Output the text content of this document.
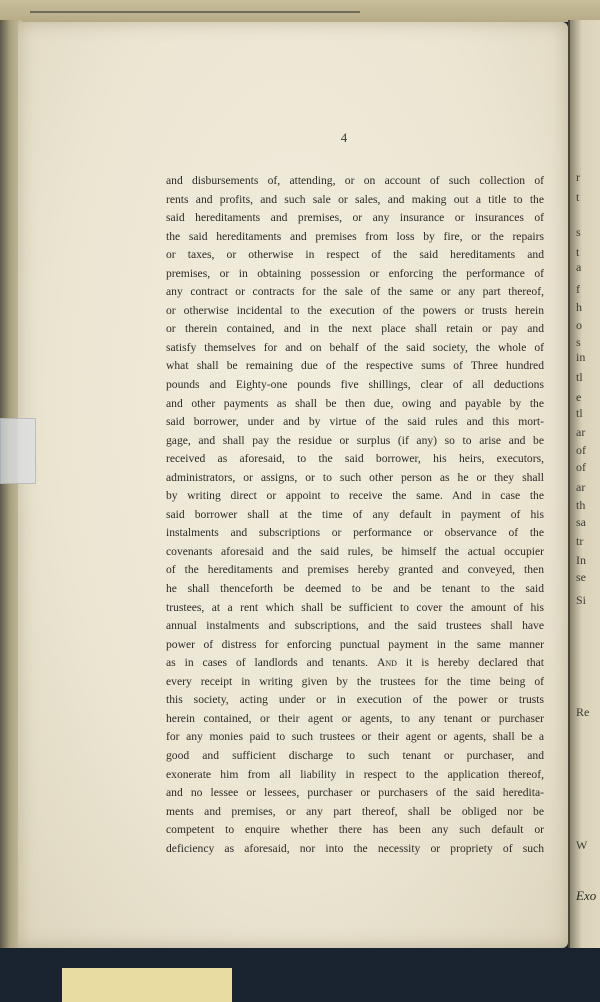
4
and disbursements of, attending, or on account of such collection of
rents and profits, and such sale or sales, and making out a title to the
said hereditaments and premises, or any insurance or insurances of
the said hereditaments and premises from loss by fire, or the repairs
or taxes, or otherwise in respect of the said hereditaments and
premises, or in obtaining possession or enforcing the performance of
any contract or contracts for the sale of the same or any part thereof,
or otherwise incidental to the execution of the powers or trusts herein
or therein contained, and in the next place shall retain or pay and
satisfy themselves for and on behalf of the said society, the whole of
what shall be remaining due of the respective sums of Three hundred
pounds and Eighty-one pounds five shillings, clear of all deductions
and other payments as shall be then due, owing and payable by the
said borrower, under and by virtue of the said rules and this mort-
gage, and shall pay the residue or surplus (if any) so to arise and be
received as aforesaid, to the said borrower, his heirs, executors,
administrators, or assigns, or to such other person as he or they shall
by writing direct or appoint to receive the same. And in case the
said borrower shall at the time of any default in payment of his
instalments and subscriptions or performance or observance of the
covenants aforesaid and the said rules, be himself the actual occupier
of the hereditaments and premises hereby granted and conveyed, then
he shall thenceforth be deemed to be and be tenant to the said
trustees, at a rent which shall be sufficient to cover the amount of his
annual instalments and subscriptions, and the said trustees shall have
power of distress for enforcing punctual payment in the same manner
as in cases of landlords and tenants. And it is hereby declared that
every receipt in writing given by the trustees for the time being of
this society, acting under or in execution of the power or trusts
herein contained, or their agent or agents, to any tenant or purchaser
for any monies paid to such trustees or their agent or agents, shall be a
good and sufficient discharge to such tenant or purchaser, and
exonerate him from all liability in respect to the application thereof,
and no lessee or lessees, purchaser or purchasers of the said heredita-
ments and premises, or any part thereof, shall be obliged nor be
competent to enquire whether there has been any such default or
deficiency as aforesaid, nor into the necessity or propriety of such
r
t
s
t
a
f
h
o
s
in
tl
e
tl
ar
of
of
ar
th
sa
tr
In
se
Si
Re
W
Exo
